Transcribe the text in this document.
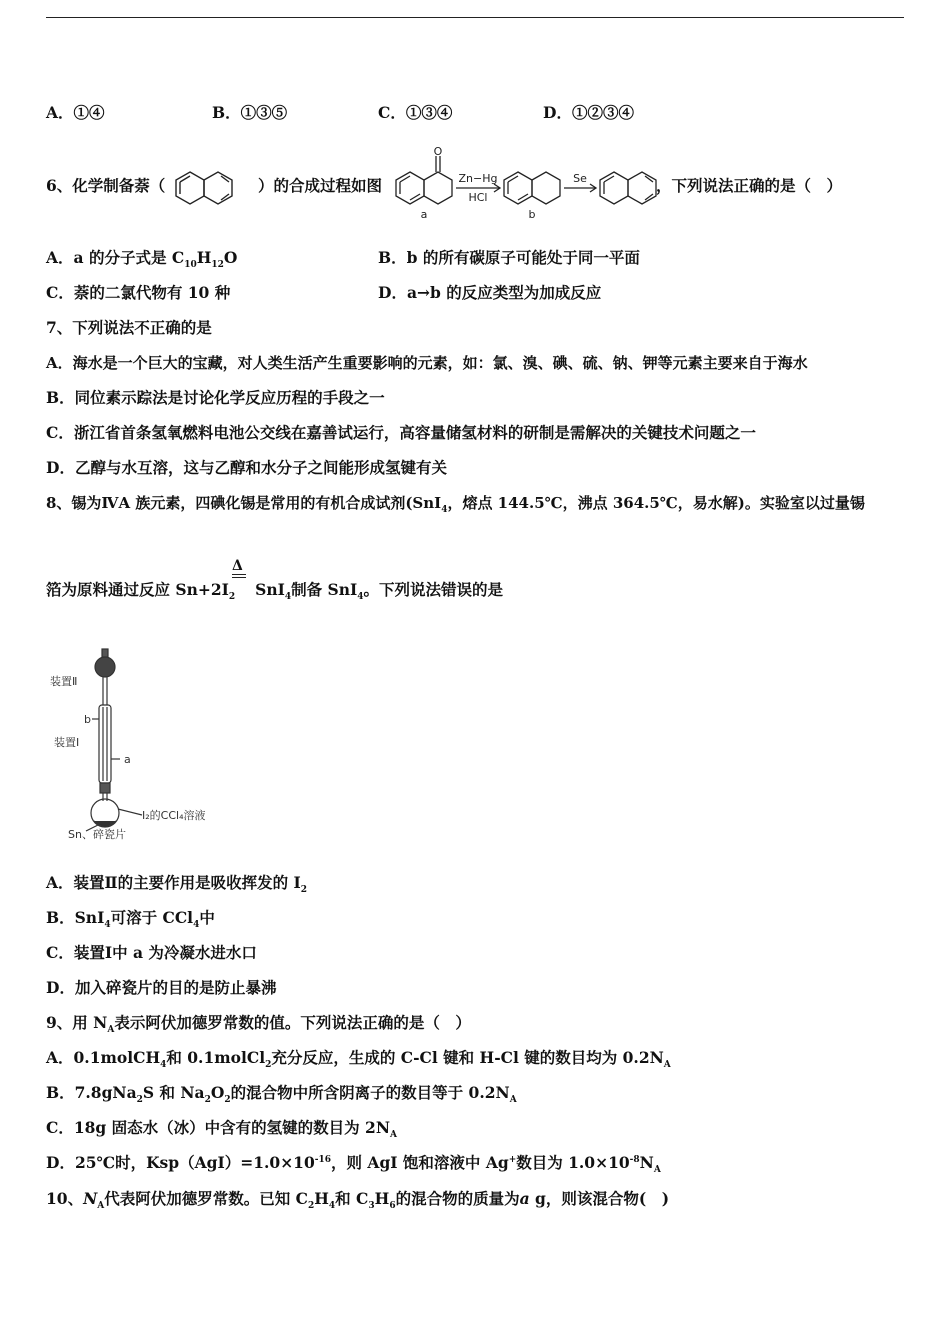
A．①④	B．①③⑤	C．①③④	D．①②③④
6、化学制备萘（	）的合成过程如图
O
Zn−Hg
HCl
Se
a	b
，下列说法正确的是（　）
A．a 的分子式是 $C_{10}H_{12}O$	B．b 的所有碳原子可能处于同一平面
C．萘的二氯代物有 10 种	D．a→b 的反应类型为加成反应
7、下列说法不正确的是
A．海水是一个巨大的宝藏，对人类生活产生重要影响的元素，如：氯、溴、碘、硫、钠、钾等元素主要来自于海水
B．同位素示踪法是讨论化学反应历程的手段之一
C．浙江省首条氢氧燃料电池公交线在嘉善试运行，高容量储氢材料的研制是需解决的关键技术问题之一
D．乙醇与水互溶，这与乙醇和水分子之间能形成氢键有关
8、锡为ⅣA 族元素，四碘化锡是常用的有机合成试剂(SnI$_4$，熔点 144.5℃，沸点 364.5℃，易水解)。实验室以过量锡
Δ
箔为原料通过反应 $Sn+2I_2$ SnI$_4$制备 SnI$_4$。下列说法错误的是
装置Ⅱ
b
装置Ⅰ
a
I₂的CCl₄溶液
Sn、碎瓷片
A．装置Ⅱ的主要作用是吸收挥发的 $I_2$
B．SnI$_4$可溶于 CCl$_4$中
C．装置Ⅰ中 a 为冷凝水进水口
D．加入碎瓷片的目的是防止暴沸
9、用 $N_A$表示阿伏加德罗常数的值。下列说法正确的是（　）
A．0.1molCH$_4$和 0.1molCl$_2$充分反应，生成的 C-Cl 键和 H-Cl 键的数目均为 $0.2N_A$
B．7.8gNa$_2$S 和 $Na_2O_2$的混合物中所含阴离子的数目等于 $0.2N_A$
C．18g 固态水（冰）中含有的氢键的数目为 $2N_A$
D．25℃时，$Ksp(AgI)=1.0\times 10^{-16}$，则 AgI 饱和溶液中 Ag+数目为 $1.0\times 10^{-8}N_A$
10、$N_A$代表阿伏加德罗常数。已知 $C_2H_4$和 $C_3H_6$的混合物的质量为a g，则该混合物(　)
